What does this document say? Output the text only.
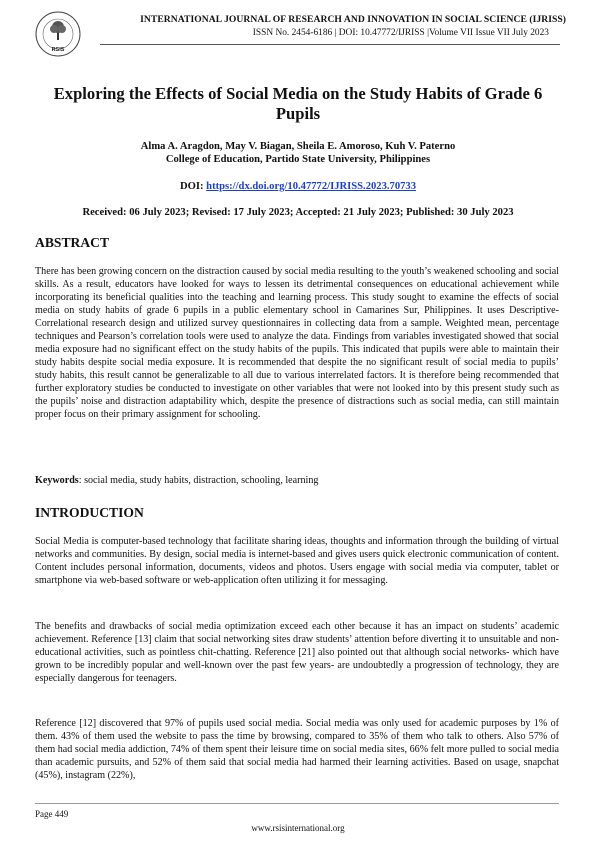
RSIS
INTERNATIONAL JOURNAL OF RESEARCH AND INNOVATION IN SOCIAL SCIENCE (IJRISS)
ISSN No. 2454-6186 | DOI: 10.47772/IJRISS |Volume VII Issue VII July 2023
Exploring the Effects of Social Media on the Study Habits of Grade 6 Pupils
Alma A. Aragdon, May V. Biagan, Sheila E. Amoroso, Kuh V. Paterno
College of Education, Partido State University, Philippines
DOI: https://dx.doi.org/10.47772/IJRISS.2023.70733
Received: 06 July 2023; Revised: 17 July 2023; Accepted: 21 July 2023; Published: 30 July 2023
ABSTRACT

There has been growing concern on the distraction caused by social media resulting to the youth’s weakened schooling and social skills. As a result, educators have looked for ways to lessen its detrimental consequences on educational achievement while incorporating its beneficial qualities into the teaching and learning process. This study sought to examine the effects of social media on study habits of grade 6 pupils in a public elementary school in Camarines Sur, Philippines. It uses Descriptive-Correlational research design and utilized survey questionnaires in collecting data from a sample. Weighted mean, percentage techniques and Pearson’s correlation tools were used to analyze the data. Findings from variables investigated showed that social media exposure had no significant effect on the study habits of the pupils. This indicated that pupils were able to maintain their study habits despite social media exposure. It is recommended that despite the no significant result of social media to pupils’ study habits, this result cannot be generalizable to all due to various interrelated factors. It is therefore being recommended that further exploratory studies be conducted to investigate on other variables that were not looked into by this present study such as the pupils’ noise and distraction adaptability which, despite the presence of distractions such as social media, can still maintain proper focus on their primary assignment for schooling.

Keywords: social media, study habits, distraction, schooling, learning

INTRODUCTION

Social Media is computer-based technology that facilitate sharing ideas, thoughts and information through the building of virtual networks and communities. By design, social media is internet-based and gives users quick electronic communication of content. Content includes personal information, documents, videos and photos. Users engage with social media via computer, tablet or smartphone via web-based software or web-application often utilizing it for messaging.

The benefits and drawbacks of social media optimization exceed each other because it has an impact on students’ academic achievement. Reference [13] claim that social networking sites draw students’ attention before diverting it to unsuitable and non-educational activities, such as pointless chit-chatting. Reference [21] also pointed out that although social networks- which have grown to be incredibly popular and well-known over the past few years- are undoubtedly a progression of technology, they are especially dangerous for teenagers.

Reference [12] discovered that 97% of pupils used social media. Social media was only used for academic purposes by 1% of them. 43% of them used the website to pass the time by browsing, compared to 35% of them who talk to others. Also 57% of them had social media addiction, 74% of them spent their leisure time on social media sites, 66% felt more pulled to social media than academic pursuits, and 52% of them said that social media had harmed their learning activities. Based on usage, snapchat (45%), instagram (22%),

Page 449
www.rsisinternational.org
